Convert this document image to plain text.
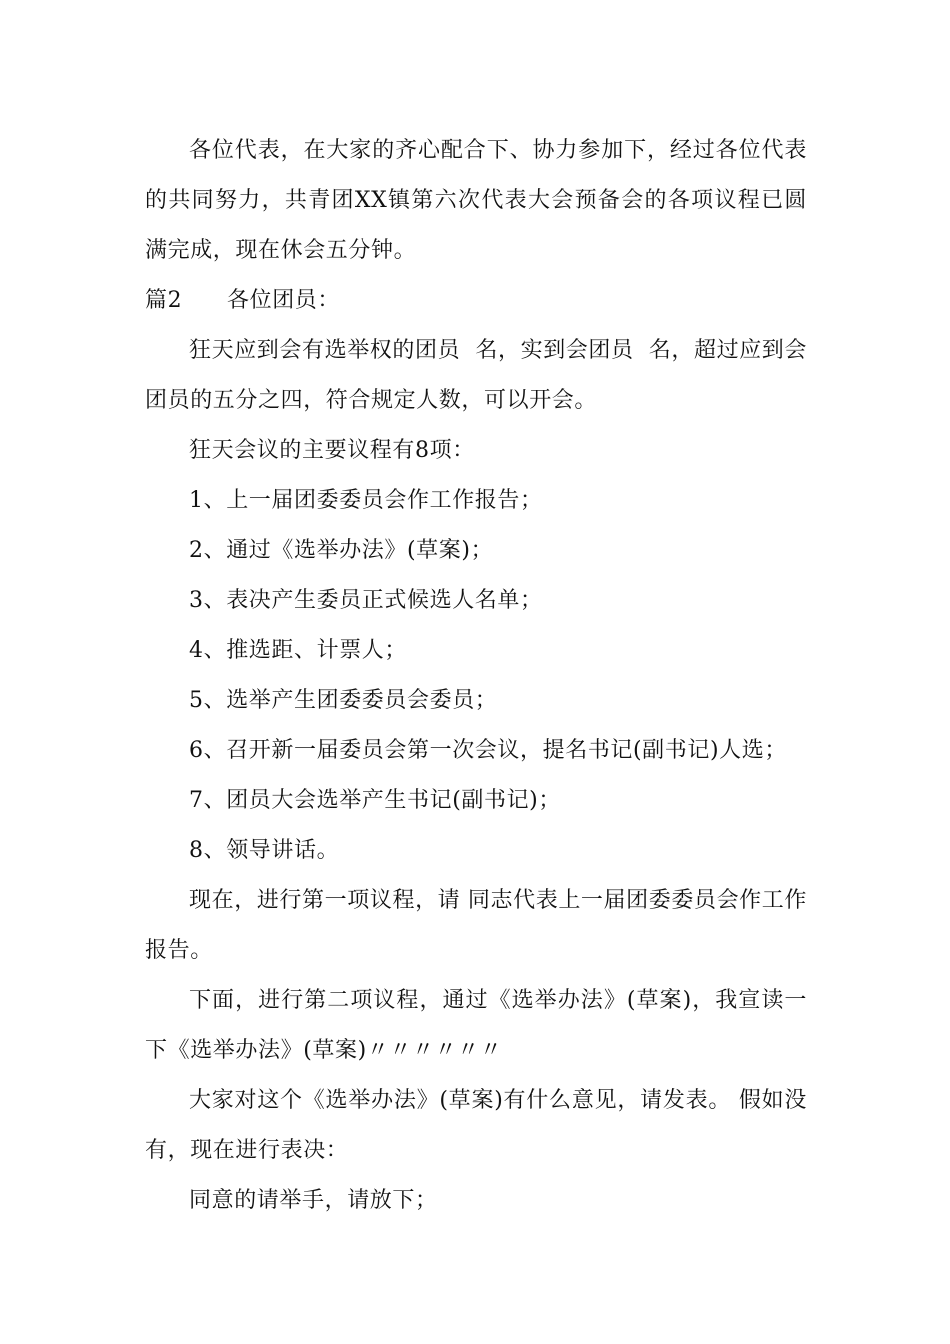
各位代表，在大家的齐心配合下、协力参加下，经过各位代表的共同努力，共青团XX镇第六次代表大会预备会的各项议程已圆满完成，现在休会五分钟。

篇2 各位团员：

狂天应到会有选举权的团员  名，实到会团员  名，超过应到会团员的五分之四，符合规定人数，可以开会。

狂天会议的主要议程有8项：

1、上一届团委委员会作工作报告；

2、通过《选举办法》(草案)；

3、表决产生委员正式候选人名单；

4、推选距、计票人；

5、选举产生团委委员会委员；

6、召开新一届委员会第一次会议，提名书记(副书记)人选；

7、团员大会选举产生书记(副书记)；

8、领导讲话。

现在，进行第一项议程，请 同志代表上一届团委委员会作工作报告。

下面，进行第二项议程，通过《选举办法》(草案)，我宣读一下《选举办法》(草案)〃〃〃〃〃〃

大家对这个《选举办法》(草案)有什么意见，请发表。 假如没有，现在进行表决：

同意的请举手，请放下；
